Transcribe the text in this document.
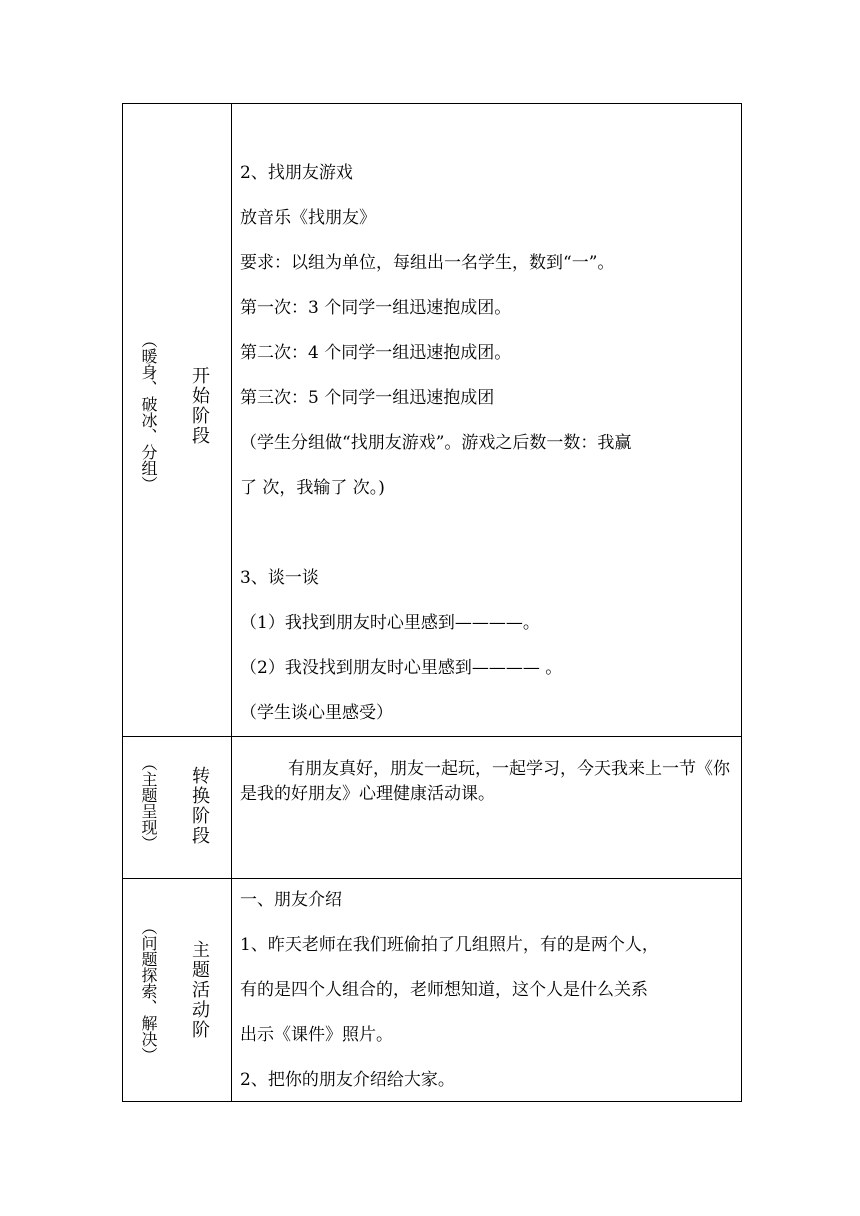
（暖身、破冰、分组） 开
始
阶
段
2、找朋友游戏
放音乐《找朋友》
要求：以组为单位，每组出一名学生，数到“一”。
第一次：3 个同学一组迅速抱成团。
第二次：4 个同学一组迅速抱成团。
第三次：5 个同学一组迅速抱成团
（学生分组做“找朋友游戏”。游戏之后数一数：我赢
了 次，我输了 次。)
3、谈一谈
（1）我找到朋友时心里感到————。
（2）我没找到朋友时心里感到———— 。
（学生谈心里感受）
（主题呈现） 转
换
阶
段
有朋友真好，朋友一起玩，一起学习，今天我来上一节《你是我的好朋友》心理健康活动课。
（问题探索、解决） 主
题
活
动
阶
一、朋友介绍
1、昨天老师在我们班偷拍了几组照片，有的是两个人，
有的是四个人组合的，老师想知道，这个人是什么关系
出示《课件》照片。
2、把你的朋友介绍给大家。
